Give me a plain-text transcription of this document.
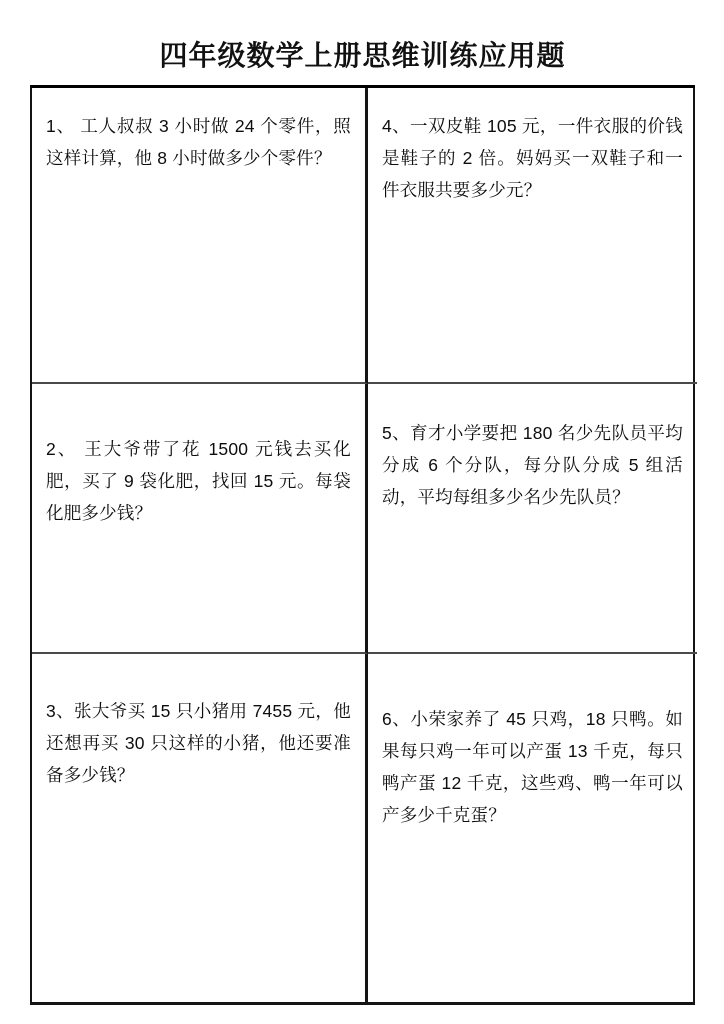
四年级数学上册思维训练应用题
1、 工人叔叔 3 小时做 24 个零件，照这样计算，他 8 小时做多少个零件？
4、一双皮鞋 105 元，一件衣服的价钱是鞋子的 2 倍。妈妈买一双鞋子和一件衣服共要多少元？
2、 王大爷带了花 1500 元钱去买化肥，买了 9 袋化肥，找回 15 元。每袋化肥多少钱？
5、育才小学要把 180 名少先队员平均分成 6 个分队，每分队分成 5 组活动，平均每组多少名少先队员？
3、张大爷买 15 只小猪用 7455 元，他还想再买 30 只这样的小猪，他还要准备多少钱？
6、小荣家养了 45 只鸡，18 只鸭。如果每只鸡一年可以产蛋 13 千克，每只鸭产蛋 12 千克，这些鸡、鸭一年可以产多少千克蛋？
